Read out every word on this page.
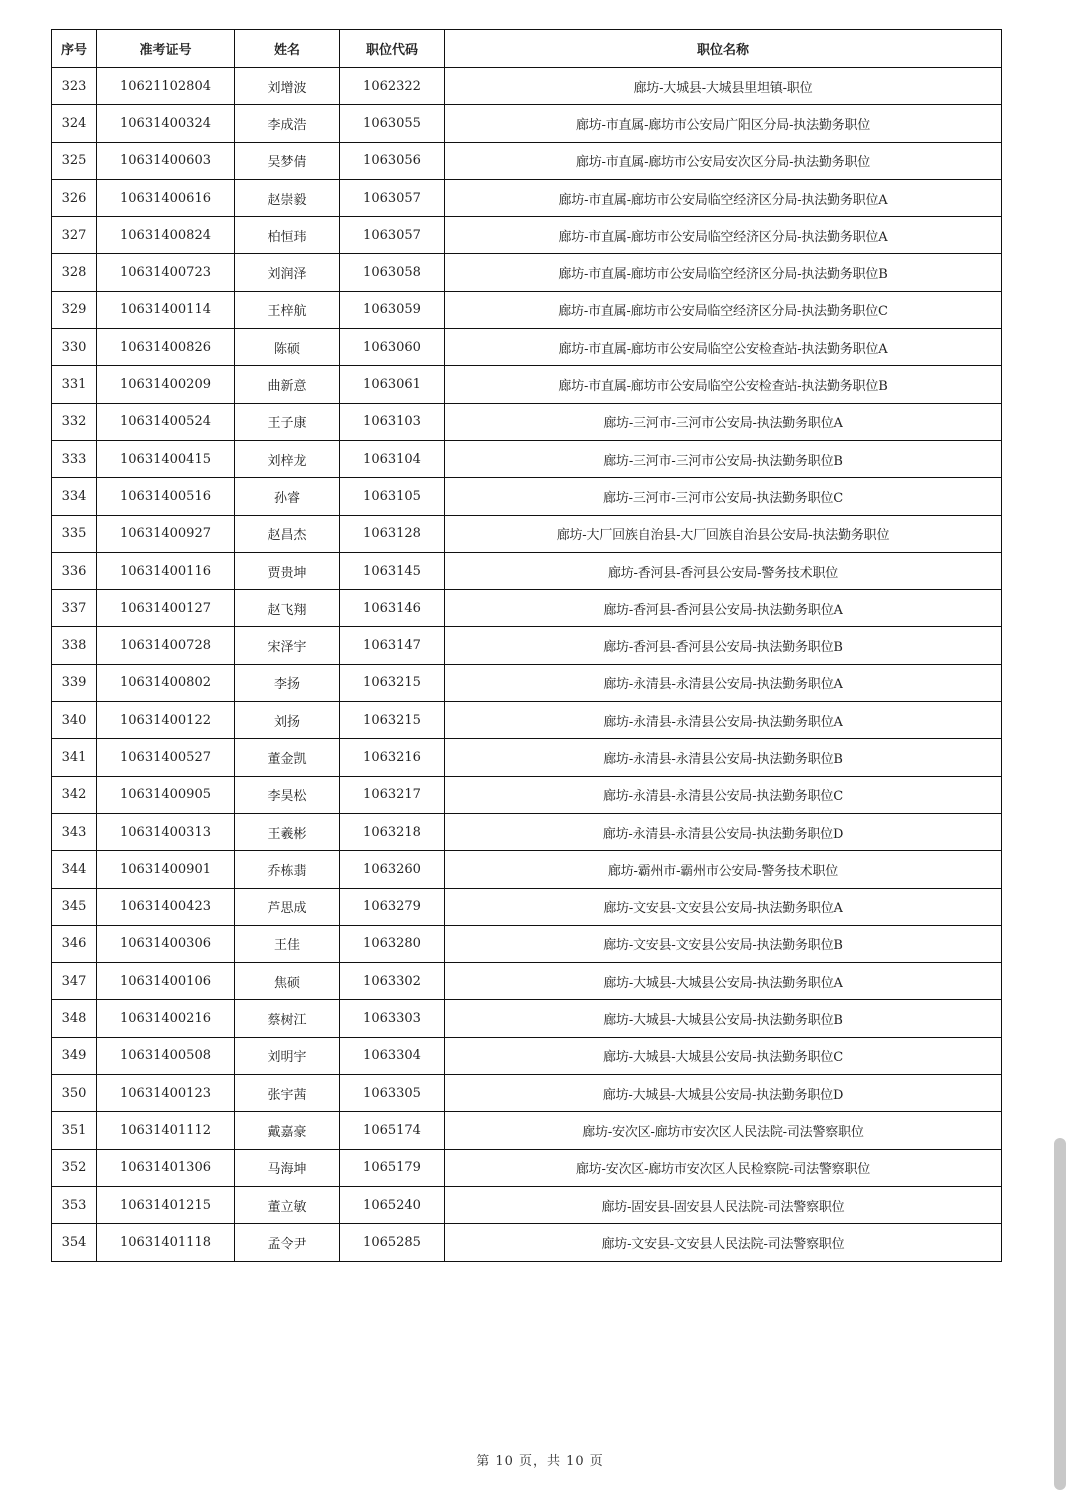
序号	准考证号	姓名	职位代码	职位名称
323	10621102804	刘增波	1062322	廊坊-大城县-大城县里坦镇-职位
324	10631400324	李成浩	1063055	廊坊-市直属-廊坊市公安局广阳区分局-执法勤务职位
325	10631400603	吴梦倩	1063056	廊坊-市直属-廊坊市公安局安次区分局-执法勤务职位
326	10631400616	赵崇毅	1063057	廊坊-市直属-廊坊市公安局临空经济区分局-执法勤务职位A
327	10631400824	柏恒玮	1063057	廊坊-市直属-廊坊市公安局临空经济区分局-执法勤务职位A
328	10631400723	刘润泽	1063058	廊坊-市直属-廊坊市公安局临空经济区分局-执法勤务职位B
329	10631400114	王梓航	1063059	廊坊-市直属-廊坊市公安局临空经济区分局-执法勤务职位C
330	10631400826	陈硕	1063060	廊坊-市直属-廊坊市公安局临空公安检查站-执法勤务职位A
331	10631400209	曲新意	1063061	廊坊-市直属-廊坊市公安局临空公安检查站-执法勤务职位B
332	10631400524	王子康	1063103	廊坊-三河市-三河市公安局-执法勤务职位A
333	10631400415	刘梓龙	1063104	廊坊-三河市-三河市公安局-执法勤务职位B
334	10631400516	孙睿	1063105	廊坊-三河市-三河市公安局-执法勤务职位C
335	10631400927	赵昌杰	1063128	廊坊-大厂回族自治县-大厂回族自治县公安局-执法勤务职位
336	10631400116	贾贵坤	1063145	廊坊-香河县-香河县公安局-警务技术职位
337	10631400127	赵飞翔	1063146	廊坊-香河县-香河县公安局-执法勤务职位A
338	10631400728	宋泽宇	1063147	廊坊-香河县-香河县公安局-执法勤务职位B
339	10631400802	李扬	1063215	廊坊-永清县-永清县公安局-执法勤务职位A
340	10631400122	刘扬	1063215	廊坊-永清县-永清县公安局-执法勤务职位A
341	10631400527	董金凯	1063216	廊坊-永清县-永清县公安局-执法勤务职位B
342	10631400905	李昊松	1063217	廊坊-永清县-永清县公安局-执法勤务职位C
343	10631400313	王羲彬	1063218	廊坊-永清县-永清县公安局-执法勤务职位D
344	10631400901	乔栋翡	1063260	廊坊-霸州市-霸州市公安局-警务技术职位
345	10631400423	芦思成	1063279	廊坊-文安县-文安县公安局-执法勤务职位A
346	10631400306	王佳	1063280	廊坊-文安县-文安县公安局-执法勤务职位B
347	10631400106	焦硕	1063302	廊坊-大城县-大城县公安局-执法勤务职位A
348	10631400216	蔡树江	1063303	廊坊-大城县-大城县公安局-执法勤务职位B
349	10631400508	刘明宇	1063304	廊坊-大城县-大城县公安局-执法勤务职位C
350	10631400123	张宇茜	1063305	廊坊-大城县-大城县公安局-执法勤务职位D
351	10631401112	戴嘉豪	1065174	廊坊-安次区-廊坊市安次区人民法院-司法警察职位
352	10631401306	马海坤	1065179	廊坊-安次区-廊坊市安次区人民检察院-司法警察职位
353	10631401215	董立敏	1065240	廊坊-固安县-固安县人民法院-司法警察职位
354	10631401118	孟令尹	1065285	廊坊-文安县-文安县人民法院-司法警察职位
第 10 页，共 10 页
